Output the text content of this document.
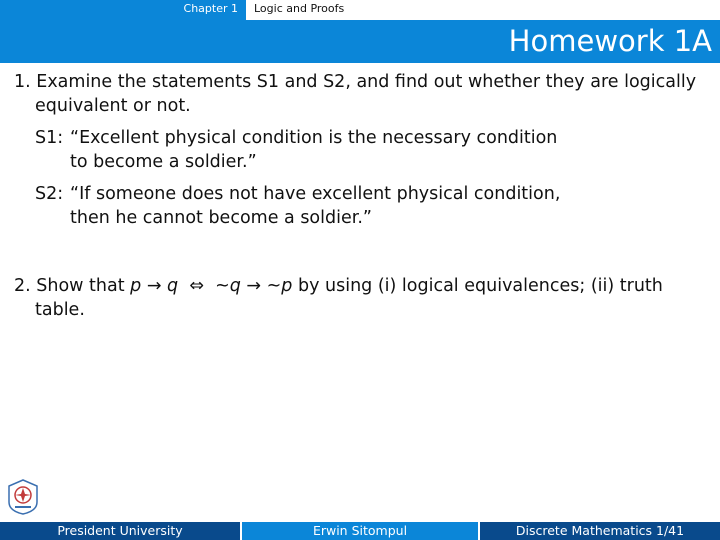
Chapter 1 Logic and Proofs
Homework 1A
1. Examine the statements S1 and S2, and find out whether they are logically
equivalent or not.
S1: “Excellent physical condition is the necessary condition
to become a soldier.”
S2: “If someone does not have excellent physical condition,
then he cannot become a soldier.”
2. Show that p → q  ⇔  ~q → ~p by using (i) logical equivalences; (ii) truth
table.
President University	Erwin Sitompul	Discrete Mathematics 1/41
